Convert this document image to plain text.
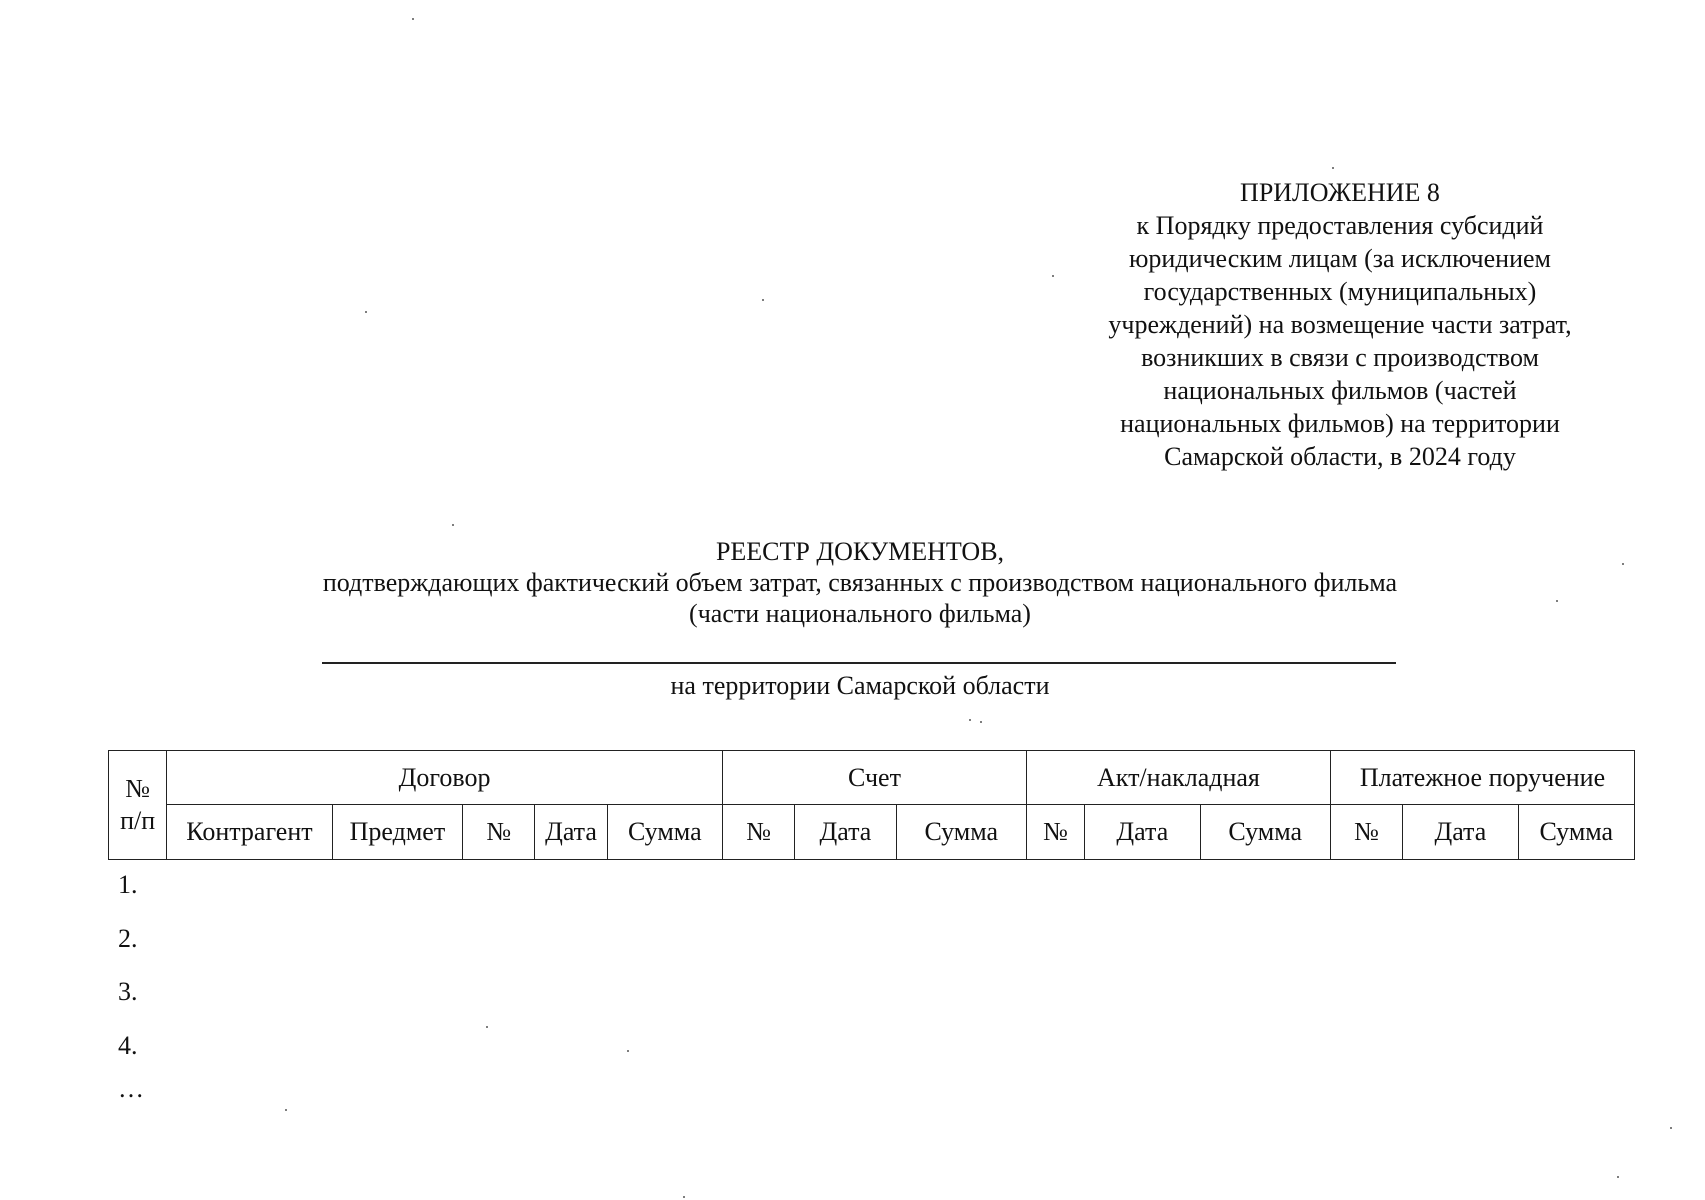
ПРИЛОЖЕНИЕ 8
к Порядку предоставления субсидий
юридическим лицам (за исключением
государственных (муниципальных)
учреждений) на возмещение части затрат,
возникших в связи с производством
национальных фильмов (частей
национальных фильмов) на территории
Самарской области, в 2024 году
РЕЕСТР ДОКУМЕНТОВ,
подтверждающих фактический объем затрат, связанных с производством национального фильма
(части национального фильма)
на территории Самарской области
№
п/п	Договор					Счет			Акт/накладная			Платежное поручение		
	Контрагент	Предмет	№	Дата	Сумма	№	Дата	Сумма	№	Дата	Сумма	№	Дата	Сумма
1.
2.
3.
4.
…
